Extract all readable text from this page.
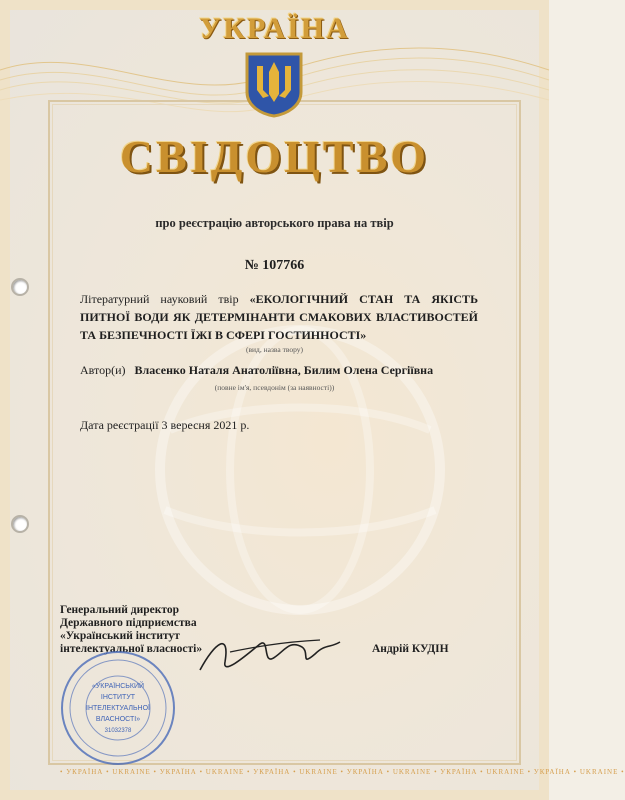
УКРАЇНА
СВІДОЦТВО
про реєстрацію авторського права на твір
№ 107766
Літературний науковий твір «ЕКОЛОГІЧНИЙ СТАН ТА ЯКІСТЬ ПИТНОЇ ВОДИ ЯК ДЕТЕРМІНАНТИ СМАКОВИХ ВЛАСТИВОСТЕЙ ТА БЕЗПЕЧНОСТІ ЇЖІ В СФЕРІ ГОСТИННОСТІ»
(вид, назва твору)
Автор(и) Власенко Наталя Анатоліївна, Билим Олена Сергіївна
(повне ім'я, псевдонім (за наявності))
Дата реєстрації 3 вересня 2021 р.
Генеральний директор
Державного підприємства
«Український інститут
інтелектуальної власності»	Андрій КУДІН
«УКРАЇНСЬКИЙ
ІНСТИТУТ
ІНТЕЛЕКТУАЛЬНОЇ
ВЛАСНОСТІ»
31032378
• УКРАЇНА • UKRAINE • УКРАЇНА • UKRAINE • УКРАЇНА • UKRAINE • УКРАЇНА • UKRAINE • УКРАЇНА • UKRAINE • УКРАЇНА • UKRAINE •
